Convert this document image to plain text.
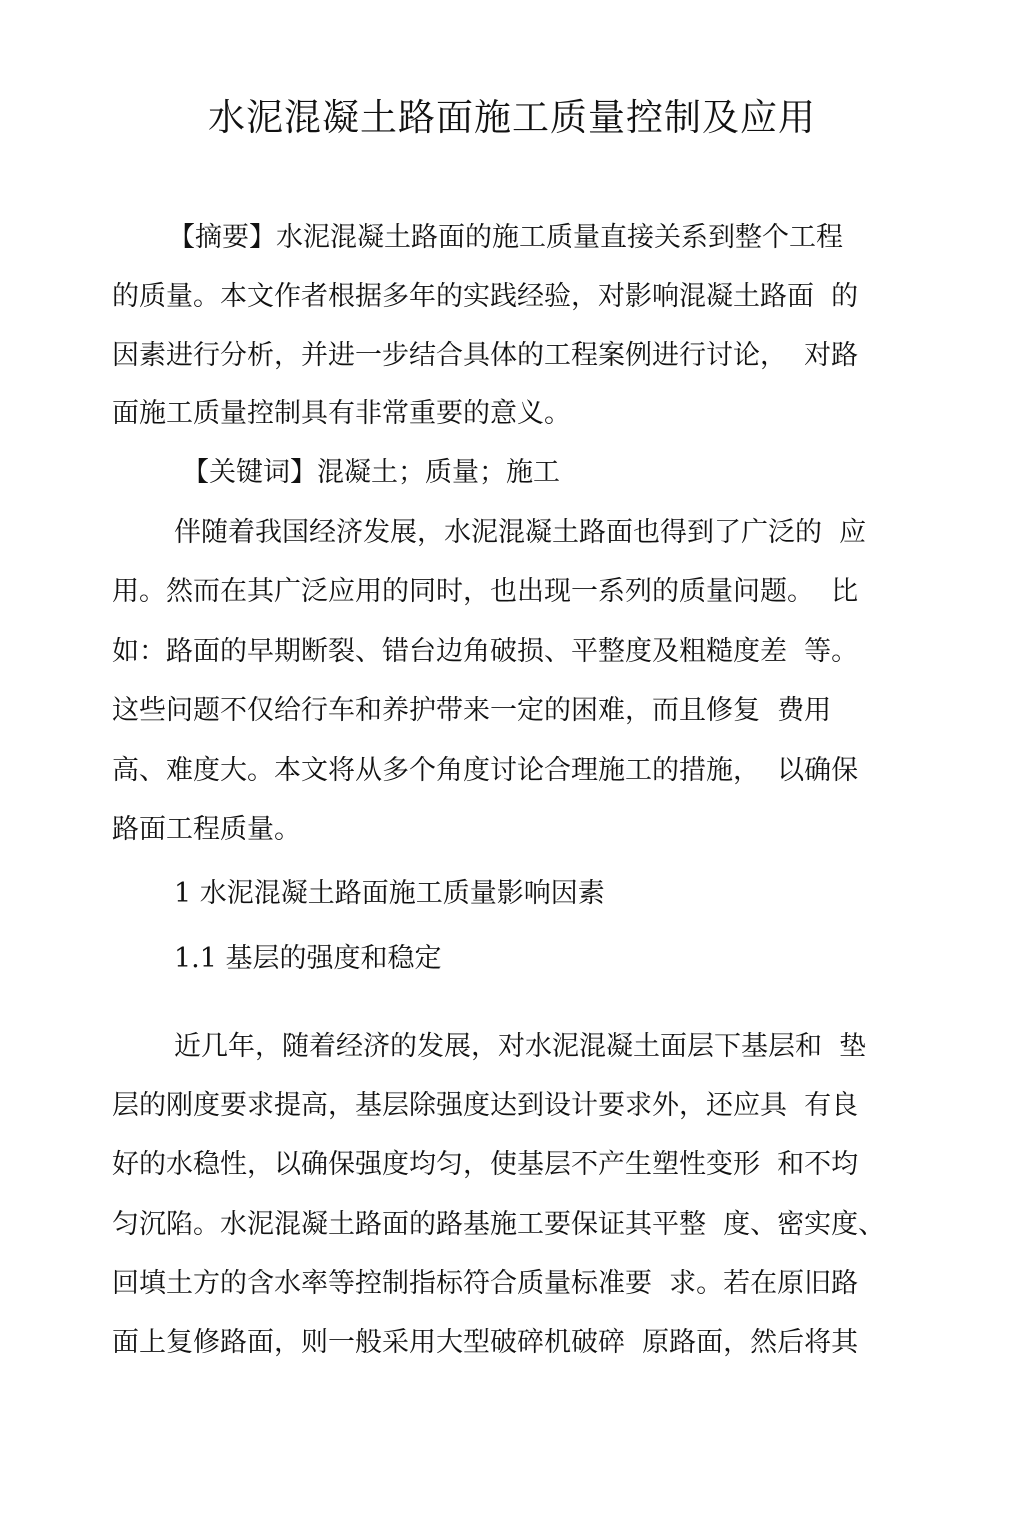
水泥混凝土路面施工质量控制及应用
【摘要】水泥混凝土路面的施工质量直接关系到整个工程
的质量。本文作者根据多年的实践经验，对影响混凝土路面  的
因素进行分析，并进一步结合具体的工程案例进行讨论，  对路
面施工质量控制具有非常重要的意义。
【关键词】混凝土；质量；施工
伴随着我国经济发展，水泥混凝土路面也得到了广泛的  应
用。然而在其广泛应用的同时，也出现一系列的质量问题。  比
如：路面的早期断裂、错台边角破损、平整度及粗糙度差  等。
这些问题不仅给行车和养护带来一定的困难，而且修复  费用
高、难度大。本文将从多个角度讨论合理施工的措施，  以确保
路面工程质量。
1 水泥混凝土路面施工质量影响因素
1.1 基层的强度和稳定
近几年，随着经济的发展，对水泥混凝土面层下基层和  垫
层的刚度要求提高，基层除强度达到设计要求外，还应具  有良
好的水稳性，以确保强度均匀，使基层不产生塑性变形  和不均
匀沉陷。水泥混凝土路面的路基施工要保证其平整  度、密实度、
回填土方的含水率等控制指标符合质量标准要  求。若在原旧路
面上复修路面，则一般采用大型破碎机破碎  原路面，然后将其
